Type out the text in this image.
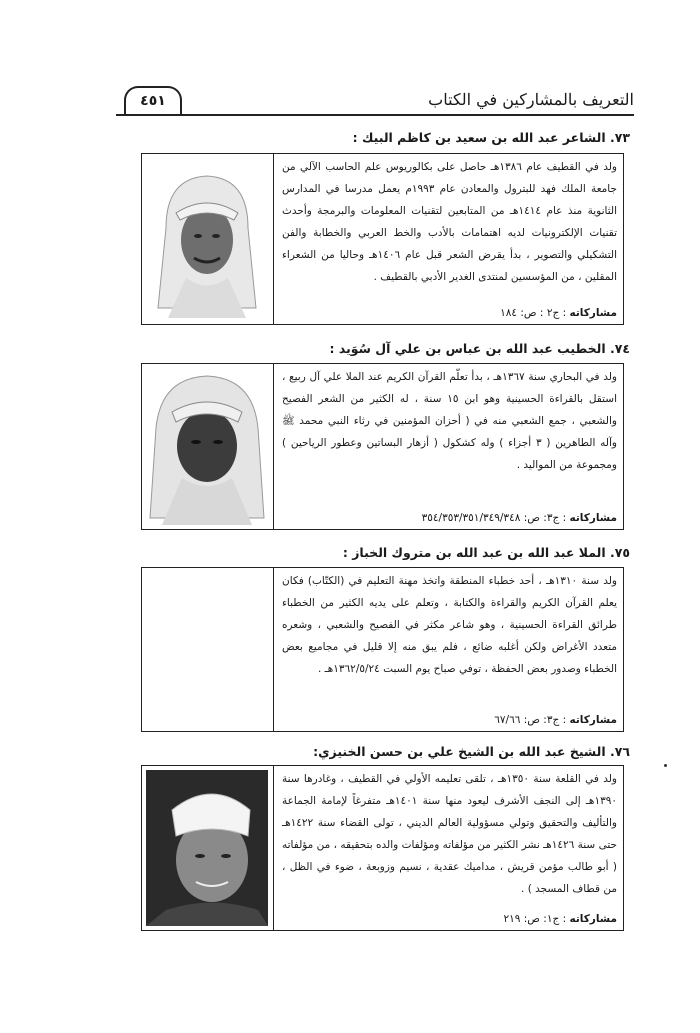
٤٥١	التعريف بالمشاركين في الكتاب
٧٣. الشاعر عبد الله بن سعيد بن كاظم البيك :
ولد في القطيف عام ١٣٨٦هـ حاصل على بكالوريوس علم الحاسب الآلي من جامعة الملك فهد للبترول والمعادن عام ١٩٩٣م يعمل مدرسا في المدارس الثانوية منذ عام ١٤١٤هـ من المتابعين لتقنيات المعلومات والبرمجة وأحدث تقنيات الإلكترونيات لديه اهتمامات بالأدب والخط العربي والخطابة والفن التشكيلي والتصوير ، بدأ يقرض الشعر قبل عام ١٤٠٦هـ وحاليا من الشعراء المقلين ، من المؤسسين لمنتدى الغدير الأدبي بالقطيف .
مشاركاته : ج٢ : ص: ١٨٤
٧٤. الخطيب عبد الله بن عباس بن علي آل سُوَيد :
ولد في البحاري سنة ١٣٦٧هـ ، بدأ تعلّم القرآن الكريم عند الملا علي آل ربيع ، استقل بالقراءة الحسينية وهو ابن ١٥ سنة ، له الكثير من الشعر الفصيح والشعبي ، جمع الشعبي منه في ( أحزان المؤمنين في رثاء النبي محمد ﷺ وآله الطاهرين ( ٣ أجزاء ) وله كشكول ( أزهار البساتين وعطور الرياحين ) ومجموعة من المواليد .
مشاركاته : ج٣: ص: ٣٥٤/٣٥٣/٣٥١/٣٤٩/٣٤٨
٧٥. الملا عبد الله بن عبد الله بن متروك الخباز :
ولد سنة ١٣١٠هـ ، أحد خطباء المنطقة واتخذ مهنة التعليم في (الكتّاب) فكان يعلم القرآن الكريم والقراءة والكتابة ، وتعلم على يديه الكثير من الخطباء طرائق القراءة الحسينية ، وهو شاعر مكثر في الفصيح والشعبي ، وشعره متعدد الأغراض ولكن أغلبه ضائع ، فلم يبق منه إلا قليل في مجاميع بعض الخطباء وصدور بعض الحفظة ، توفي صباح يوم السبت ١٣٦٢/٥/٢٤هـ .
مشاركاته : ج٣: ص: ٦٧/٦٦
٧٦. الشيخ عبد الله بن الشيخ علي بن حسن الخنيزي:
ولد في القلعة سنة ١٣٥٠هـ ، تلقى تعليمه الأولي في القطيف ، وغادرها سنة ١٣٩٠هـ إلى النجف الأشرف ليعود منها سنة ١٤٠١هـ متفرغاً لإمامة الجماعة والتأليف والتحقيق وتولي مسؤولية العالم الديني ، تولى القضاء سنة ١٤٢٢هـ حتى سنة ١٤٢٦هـ نشر الكثير من مؤلفاته ومؤلفات والده بتحقيقه ، من مؤلفاته ( أبو طالب مؤمن قريش ، مداميك عقدية ، نسيم وزوبعة ، ضوء في الظل ، من قطاف المسجد ) .
مشاركاته : ج١: ص: ٢١٩
